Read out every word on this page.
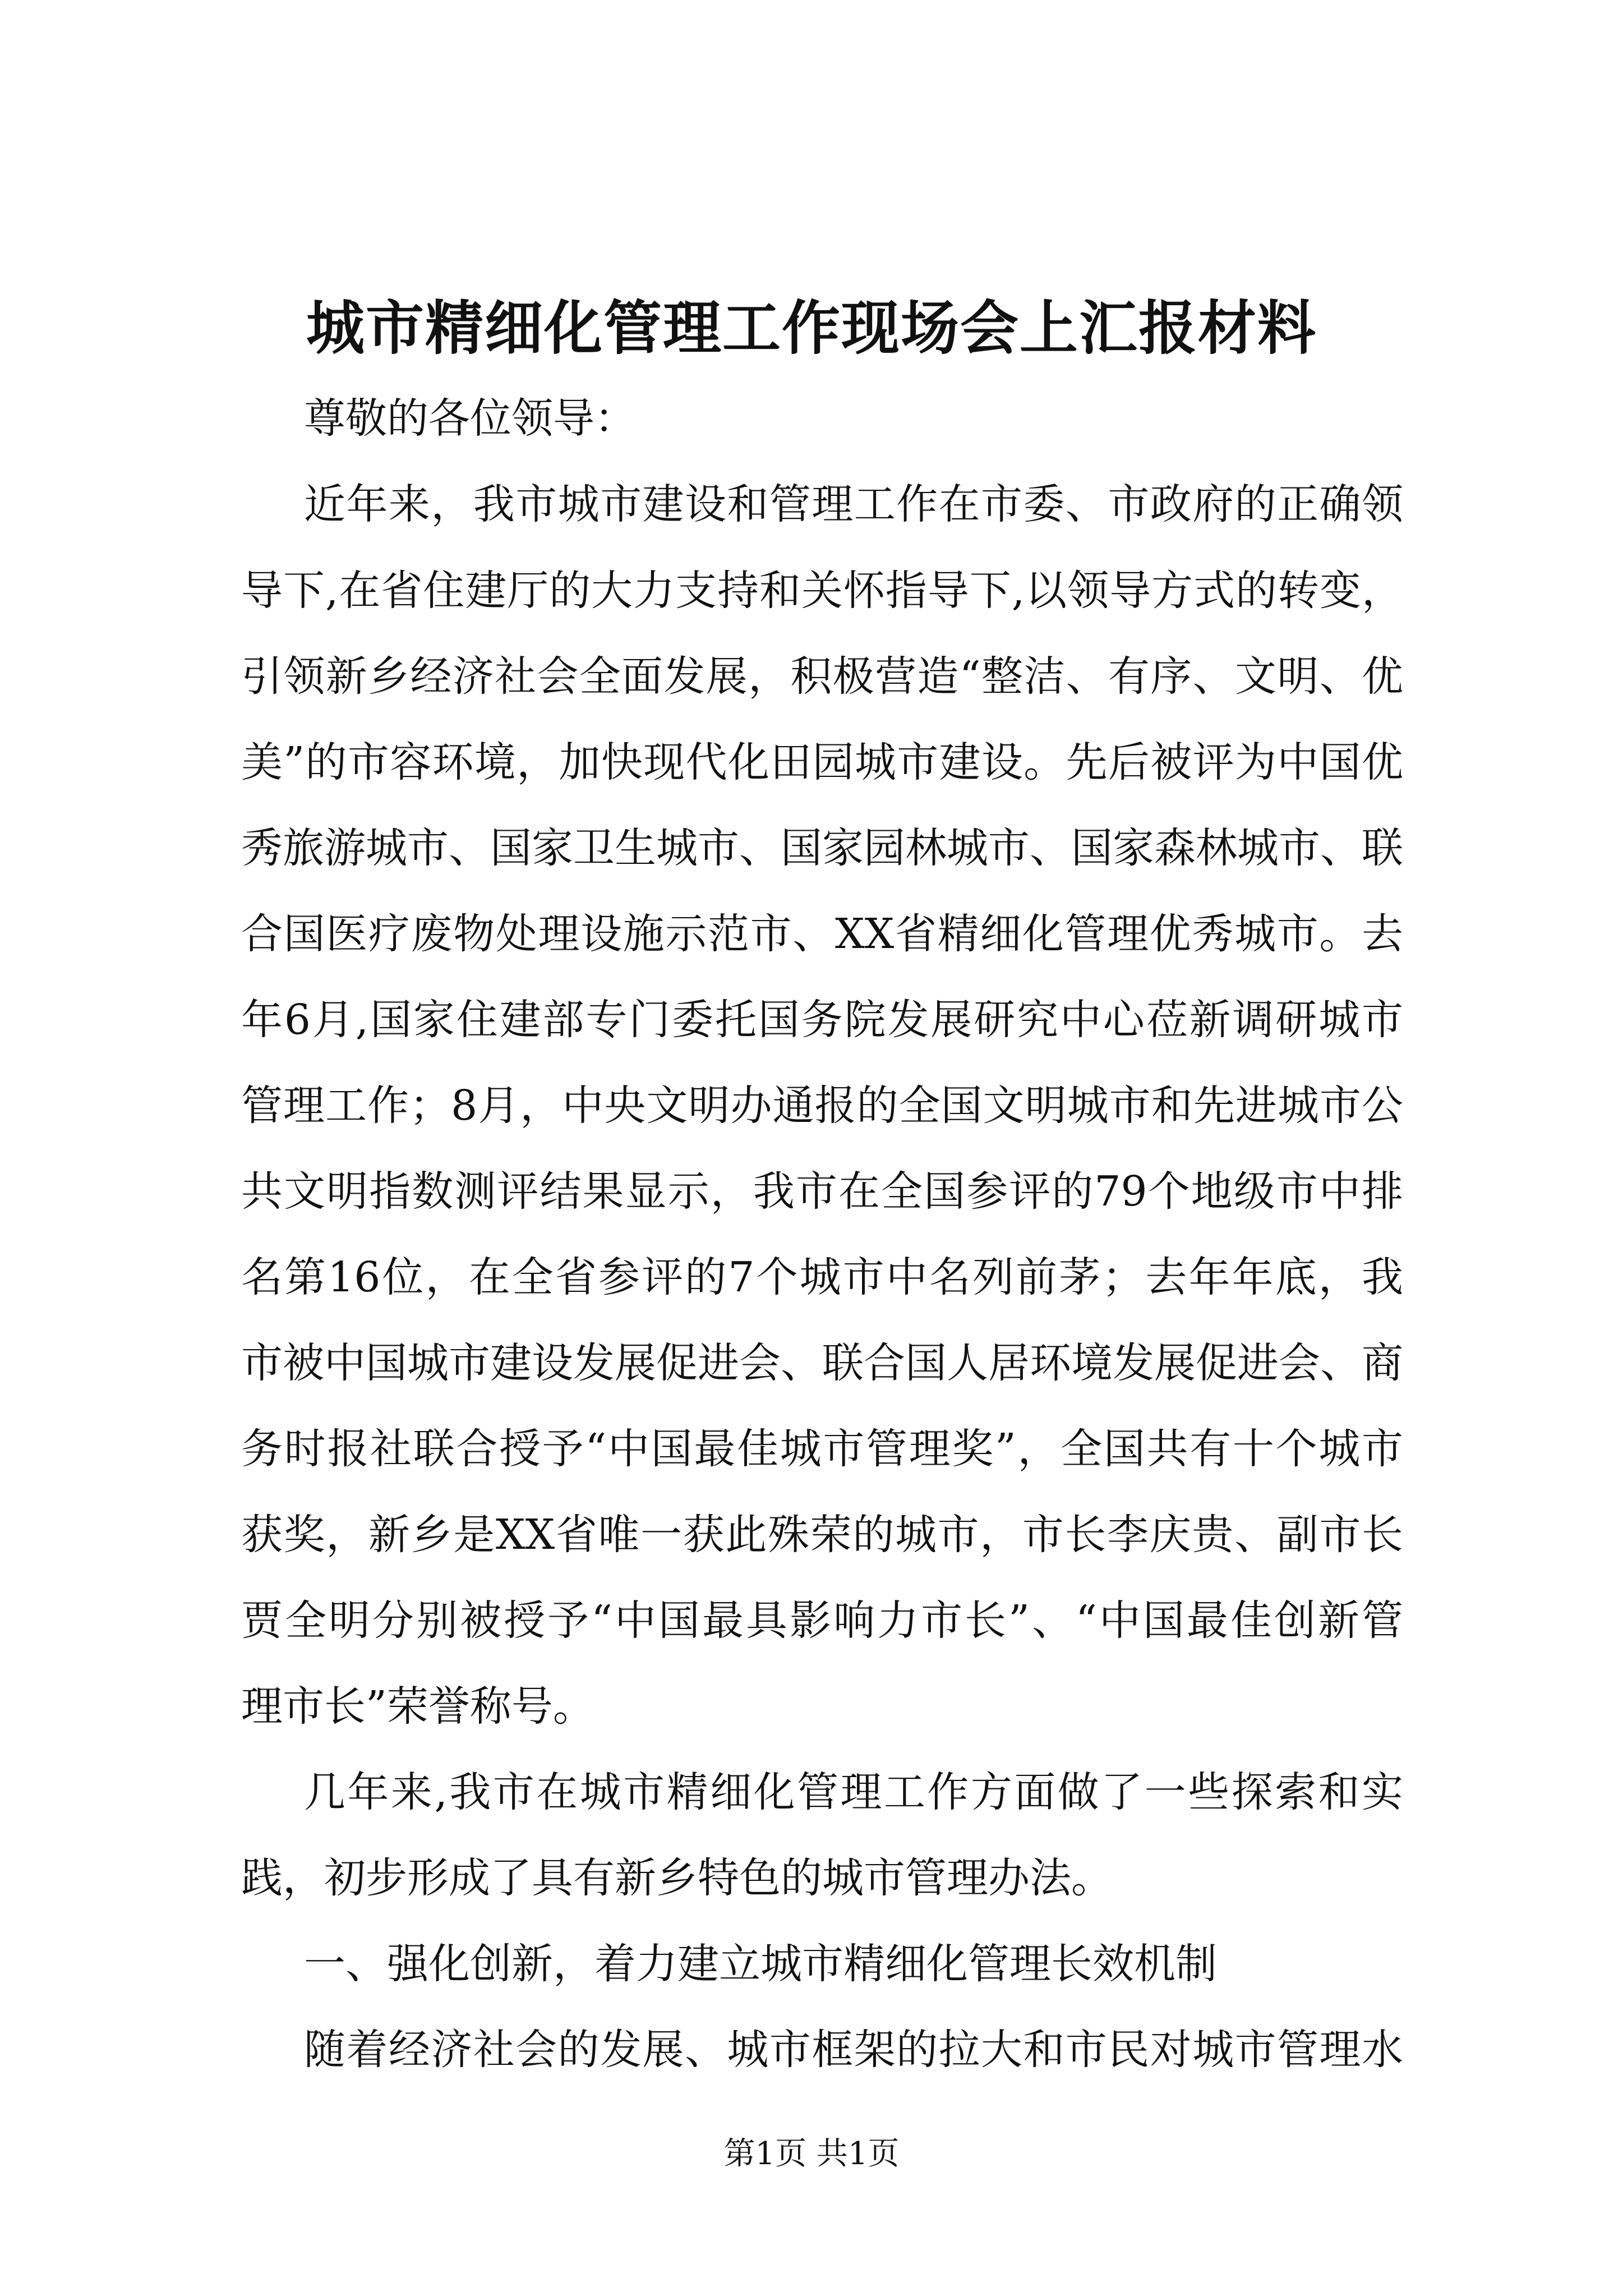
城市精细化管理工作现场会上汇报材料
尊敬的各位领导：
近年来，我市城市建设和管理工作在市委、市政府的正确领
导下,在省住建厅的大力支持和关怀指导下,以领导方式的转变，
引领新乡经济社会全面发展，积极营造“整洁、有序、文明、优
美”的市容环境，加快现代化田园城市建设。先后被评为中国优
秀旅游城市、国家卫生城市、国家园林城市、国家森林城市、联
合国医疗废物处理设施示范市、XX省精细化管理优秀城市。去
年6月,国家住建部专门委托国务院发展研究中心莅新调研城市
管理工作；8月，中央文明办通报的全国文明城市和先进城市公
共文明指数测评结果显示，我市在全国参评的79个地级市中排
名第16位，在全省参评的7个城市中名列前茅；去年年底，我
市被中国城市建设发展促进会、联合国人居环境发展促进会、商
务时报社联合授予“中国最佳城市管理奖”，全国共有十个城市
获奖，新乡是XX省唯一获此殊荣的城市，市长李庆贵、副市长
贾全明分别被授予“中国最具影响力市长”、“中国最佳创新管
理市长”荣誉称号。
几年来,我市在城市精细化管理工作方面做了一些探索和实
践，初步形成了具有新乡特色的城市管理办法。
一、强化创新，着力建立城市精细化管理长效机制
随着经济社会的发展、城市框架的拉大和市民对城市管理水
第1页 共1页
